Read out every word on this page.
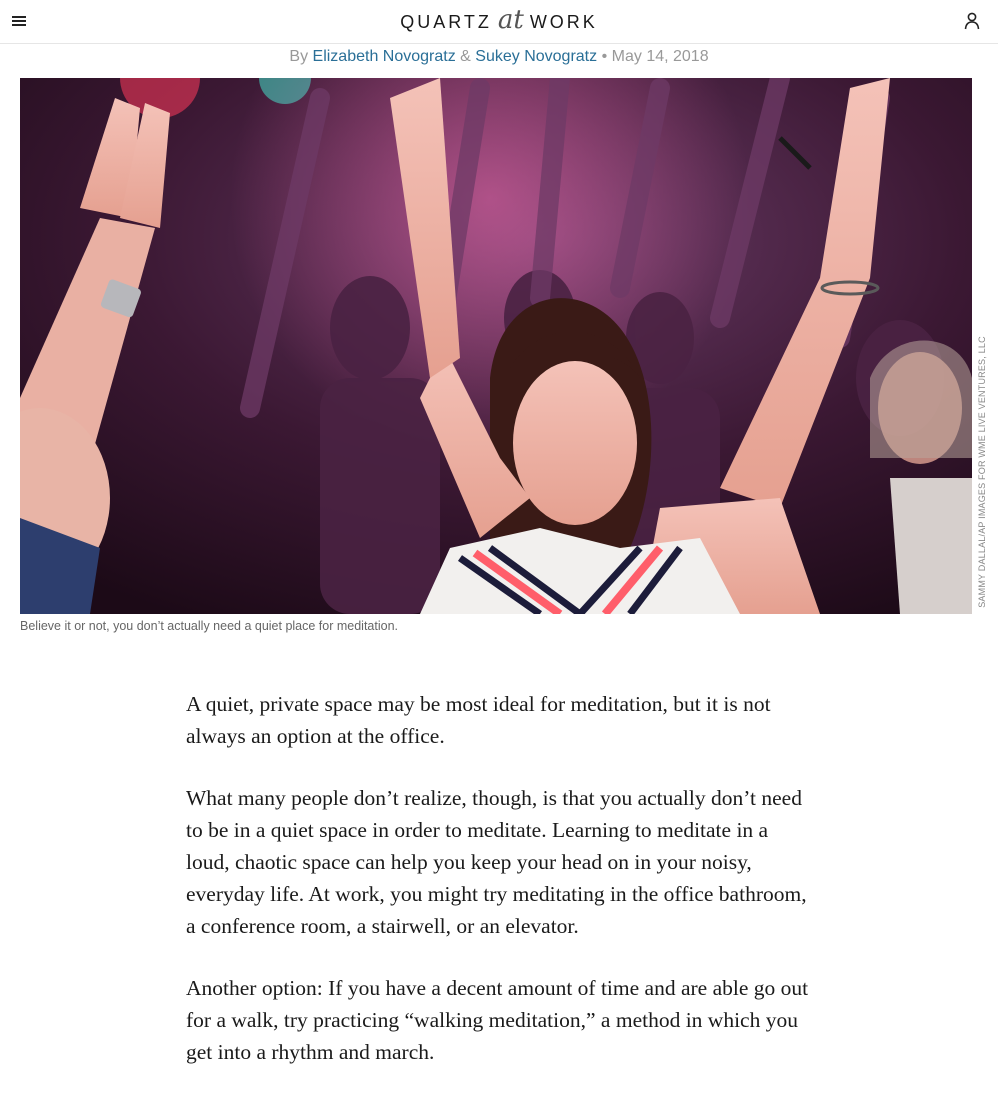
QUARTZ at WORK
By Elizabeth Novogratz & Sukey Novogratz • May 14, 2018
SAMMY DALLAL/AP IMAGES FOR WME LIVE VENTURES, LLC
Believe it or not, you don’t actually need a quiet place for meditation.

A quiet, private space may be most ideal for meditation, but it is not always an option at the office.

What many people don’t realize, though, is that you actually don’t need to be in a quiet space in order to meditate. Learning to meditate in a loud, chaotic space can help you keep your head on in your noisy, everyday life. At work, you might try meditating in the office bathroom, a conference room, a stairwell, or an elevator.

Another option: If you have a decent amount of time and are able go out for a walk, try practicing “walking meditation,” a method in which you get into a rhythm and march.
